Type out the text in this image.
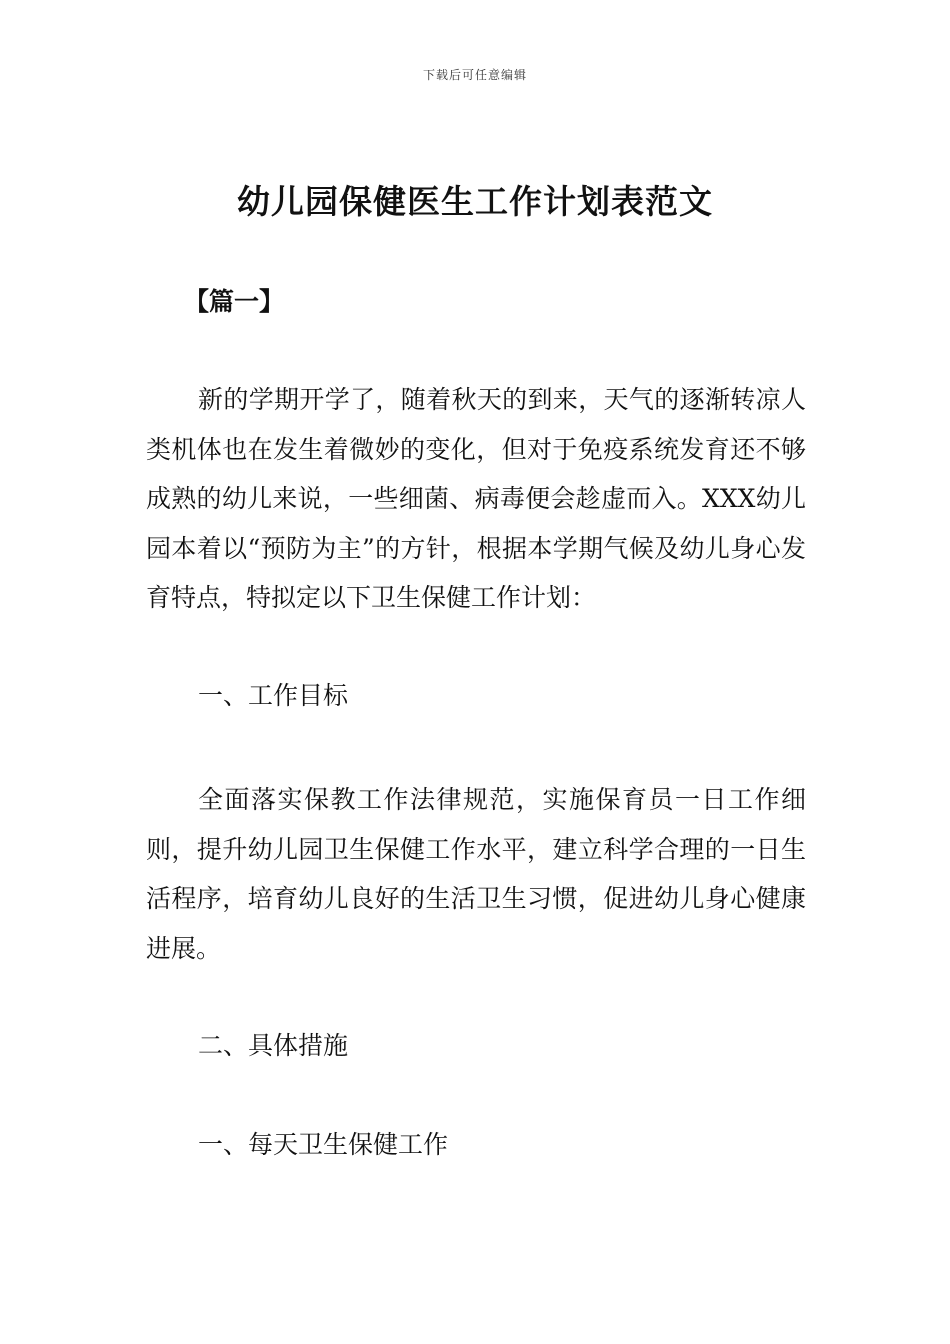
下载后可任意编辑

幼儿园保健医生工作计划表范文

【篇一】

新的学期开学了，随着秋天的到来，天气的逐渐转凉人类机体也在发生着微妙的变化，但对于免疫系统发育还不够成熟的幼儿来说，一些细菌、病毒便会趁虚而入。XXX幼儿园本着以“预防为主”的方针，根据本学期气候及幼儿身心发育特点，特拟定以下卫生保健工作计划：

一、工作目标

全面落实保教工作法律规范，实施保育员一日工作细则，提升幼儿园卫生保健工作水平，建立科学合理的一日生活程序，培育幼儿良好的生活卫生习惯，促进幼儿身心健康进展。

二、具体措施

一、每天卫生保健工作
